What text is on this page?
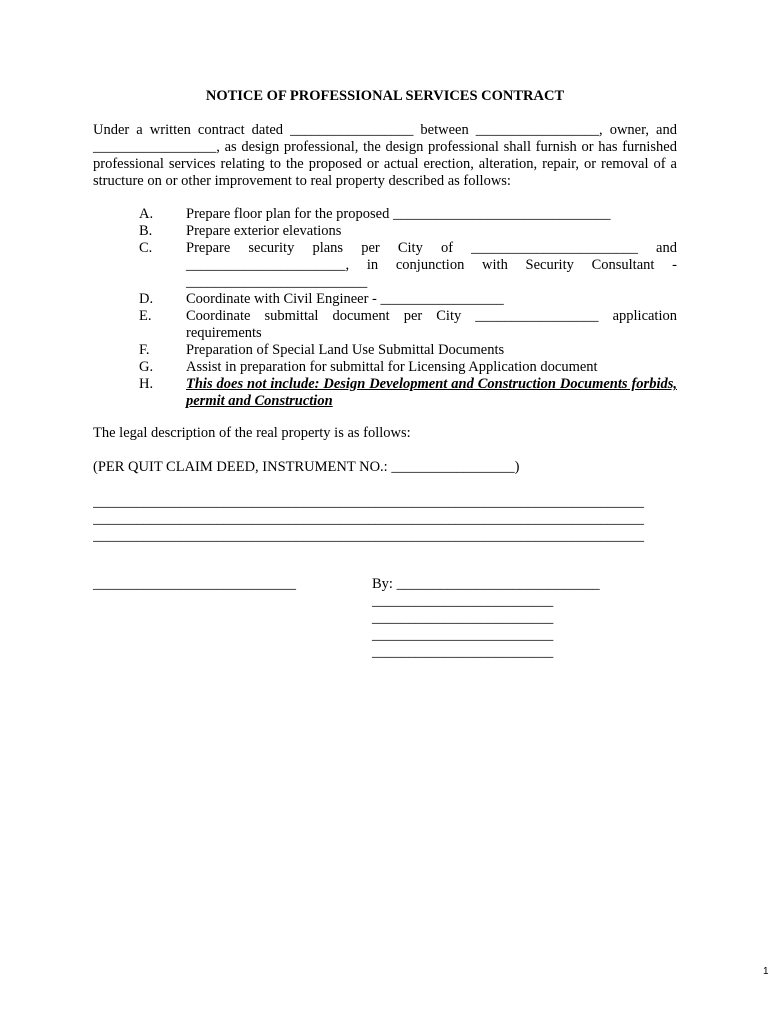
NOTICE OF PROFESSIONAL SERVICES CONTRACT
Under a written contract dated _________________ between _________________, owner, and _________________, as design professional, the design professional shall furnish or has furnished professional services relating to the proposed or actual erection, alteration, repair, or removal of a structure on or other improvement to real property described as follows:
A.	Prepare floor plan for the proposed ______________________________
B.	Prepare exterior elevations
C.	Prepare security plans per City of _______________________ and ______________________, in conjunction with Security Consultant - _________________________
D.	Coordinate with Civil Engineer - _________________
E.	Coordinate submittal document per City _________________ application requirements
F.	Preparation of Special Land Use Submittal Documents
G.	Assist in preparation for submittal for Licensing Application document
H.	This does not include: Design Development and Construction Documents forbids, permit and Construction
The legal description of the real property is as follows:
(PER QUIT CLAIM DEED, INSTRUMENT NO.: _________________)
____________________________________________________________________________
____________________________________________________________________________
____________________________________________________________________________
____________________________	By: ____________________________
_________________________
_________________________
_________________________
_________________________
1
